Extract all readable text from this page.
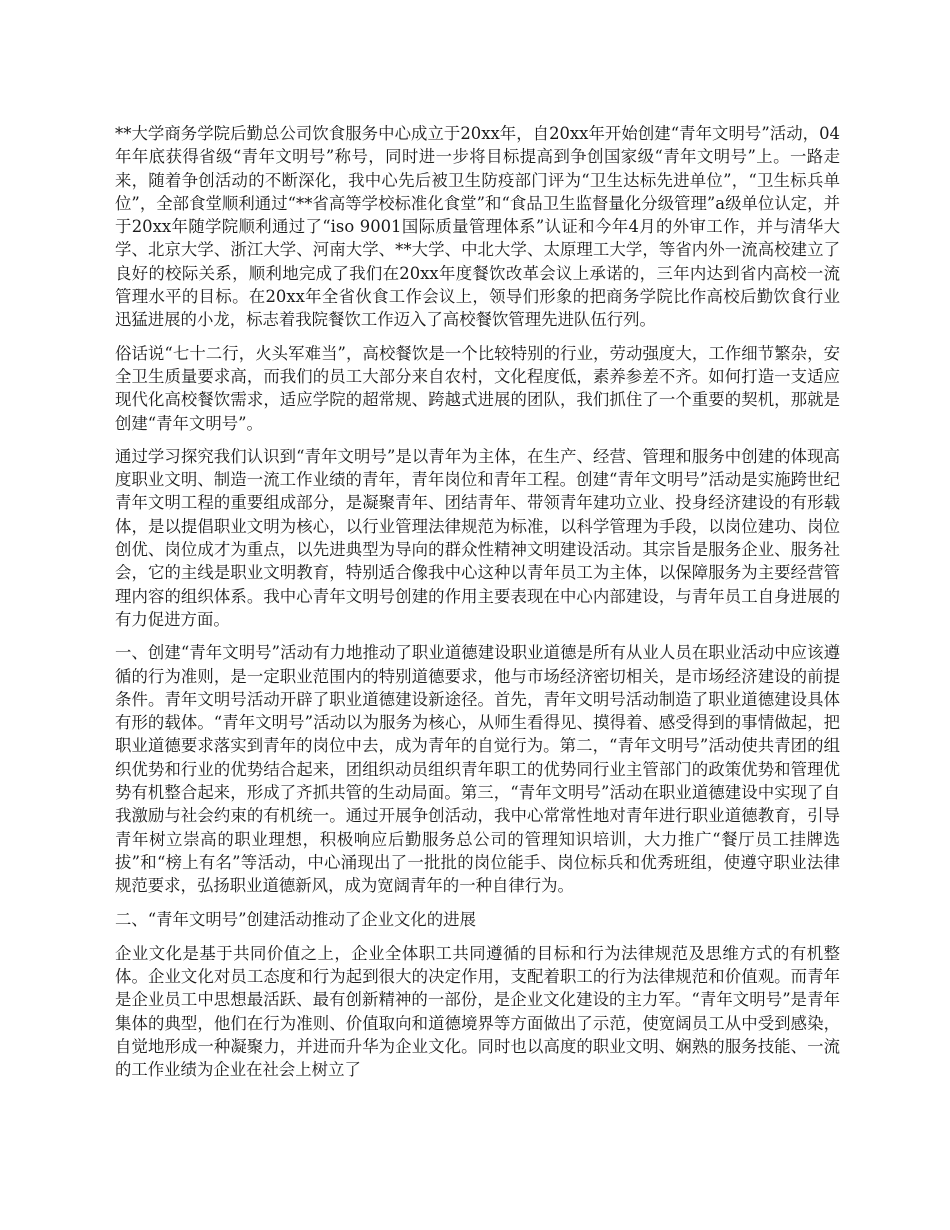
**大学商务学院后勤总公司饮食服务中心成立于20xx年，自20xx年开始创建“青年文明号”活动，04年年底获得省级“青年文明号”称号，同时进一步将目标提高到争创国家级“青年文明号”上。一路走来，随着争创活动的不断深化，我中心先后被卫生防疫部门评为“卫生达标先进单位”，“卫生标兵单位”，全部食堂顺利通过“**省高等学校标准化食堂”和“食品卫生监督量化分级管理”a级单位认定，并于20xx年随学院顺利通过了“iso 9001国际质量管理体系”认证和今年4月的外审工作，并与清华大学、北京大学、浙江大学、河南大学、**大学、中北大学、太原理工大学，等省内外一流高校建立了良好的校际关系，顺利地完成了我们在20xx年度餐饮改革会议上承诺的，三年内达到省内高校一流管理水平的目标。在20xx年全省伙食工作会议上，领导们形象的把商务学院比作高校后勤饮食行业迅猛进展的小龙，标志着我院餐饮工作迈入了高校餐饮管理先进队伍行列。

俗话说“七十二行，火头军难当”，高校餐饮是一个比较特别的行业，劳动强度大，工作细节繁杂，安全卫生质量要求高，而我们的员工大部分来自农村，文化程度低，素养参差不齐。如何打造一支适应现代化高校餐饮需求，适应学院的超常规、跨越式进展的团队，我们抓住了一个重要的契机，那就是创建“青年文明号”。

通过学习探究我们认识到“青年文明号”是以青年为主体，在生产、经营、管理和服务中创建的体现高度职业文明、制造一流工作业绩的青年，青年岗位和青年工程。创建“青年文明号”活动是实施跨世纪青年文明工程的重要组成部分，是凝聚青年、团结青年、带领青年建功立业、投身经济建设的有形载体，是以提倡职业文明为核心，以行业管理法律规范为标准，以科学管理为手段，以岗位建功、岗位创优、岗位成才为重点，以先进典型为导向的群众性精神文明建设活动。其宗旨是服务企业、服务社会，它的主线是职业文明教育，特别适合像我中心这种以青年员工为主体，以保障服务为主要经营管理内容的组织体系。我中心青年文明号创建的作用主要表现在中心内部建设，与青年员工自身进展的有力促进方面。

一、创建“青年文明号”活动有力地推动了职业道德建设职业道德是所有从业人员在职业活动中应该遵循的行为准则，是一定职业范围内的特别道德要求，他与市场经济密切相关，是市场经济建设的前提条件。青年文明号活动开辟了职业道德建设新途径。首先，青年文明号活动制造了职业道德建设具体有形的载体。“青年文明号”活动以为服务为核心，从师生看得见、摸得着、感受得到的事情做起，把职业道德要求落实到青年的岗位中去，成为青年的自觉行为。第二，“青年文明号”活动使共青团的组织优势和行业的优势结合起来，团组织动员组织青年职工的优势同行业主管部门的政策优势和管理优势有机整合起来，形成了齐抓共管的生动局面。第三，“青年文明号”活动在职业道德建设中实现了自我激励与社会约束的有机统一。通过开展争创活动，我中心常常性地对青年进行职业道德教育，引导青年树立崇高的职业理想，积极响应后勤服务总公司的管理知识培训，大力推广“餐厅员工挂牌选拔”和“榜上有名”等活动，中心涌现出了一批批的岗位能手、岗位标兵和优秀班组，使遵守职业法律规范要求，弘扬职业道德新风，成为宽阔青年的一种自律行为。

二、“青年文明号”创建活动推动了企业文化的进展

企业文化是基于共同价值之上，企业全体职工共同遵循的目标和行为法律规范及思维方式的有机整体。企业文化对员工态度和行为起到很大的决定作用，支配着职工的行为法律规范和价值观。而青年是企业员工中思想最活跃、最有创新精神的一部份，是企业文化建设的主力军。“青年文明号”是青年集体的典型，他们在行为准则、价值取向和道德境界等方面做出了示范，使宽阔员工从中受到感染，自觉地形成一种凝聚力，并进而升华为企业文化。同时也以高度的职业文明、娴熟的服务技能、一流的工作业绩为企业在社会上树立了
